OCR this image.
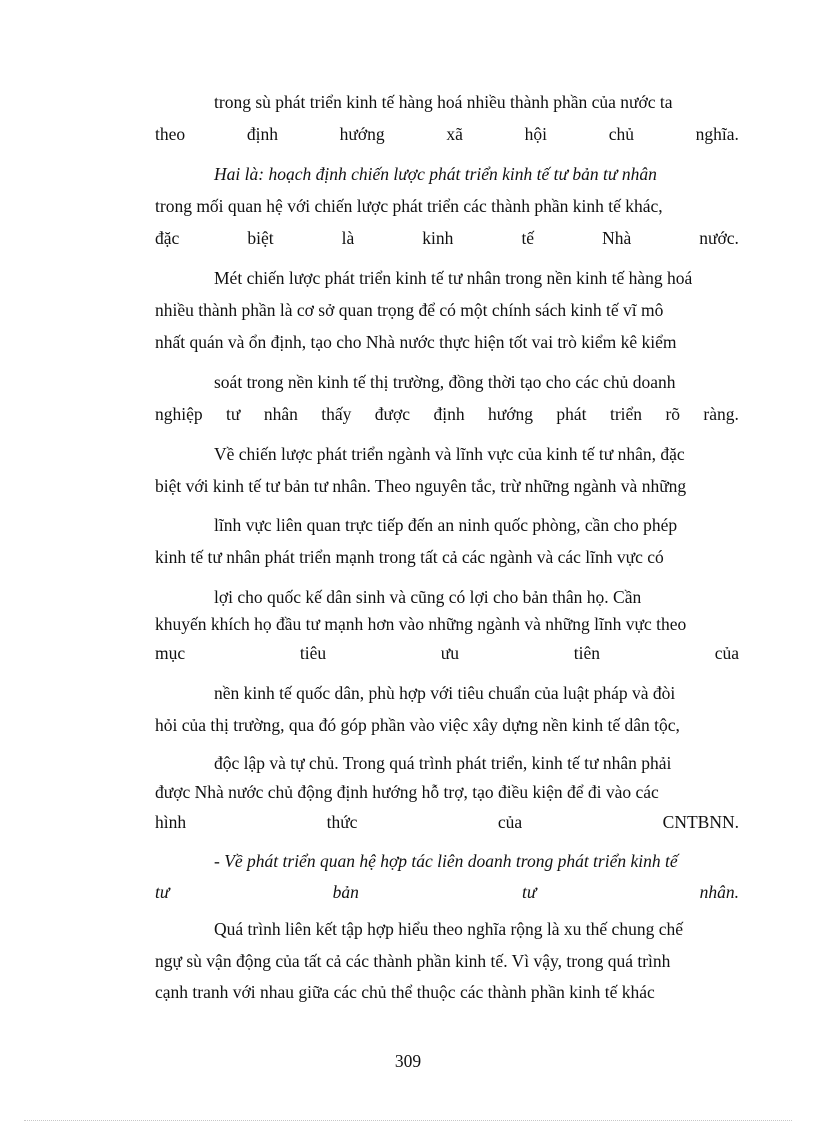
trong sù phát triển kinh tế hàng hoá nhiều thành phần của nước ta
theo	định	hướng	xã	hội	chủ	nghĩa.
Hai là: hoạch định chiến lược phát triển kinh tế tư bản tư nhân
trong mối quan hệ với chiến lược phát triển các thành phần kinh tế khác,
đặc	biệt	là	kinh	tế	Nhà	nước.
Mét chiến lược phát triển kinh tế tư nhân trong nền kinh tế hàng hoá
nhiều thành phần là cơ sở quan trọng để có một chính sách kinh tế vĩ mô
nhất quán và ổn định, tạo cho Nhà nước thực hiện tốt vai trò kiểm kê kiểm
soát trong nền kinh tế thị trường, đồng thời tạo cho các chủ doanh
nghiệp tư nhân thấy được định hướng phát triển rõ ràng.
Về chiến lược phát triển ngành và lĩnh vực của kinh tế tư nhân, đặc
biệt với kinh tế tư bản tư nhân. Theo nguyên tắc, trừ những ngành và những
lĩnh vực liên quan trực tiếp đến an ninh quốc phòng, cần cho phép
kinh tế tư nhân phát triển mạnh trong tất cả các ngành và các lĩnh vực có
lợi cho quốc kế dân sinh và cũng có lợi cho bản thân họ. Cần
khuyến khích họ đầu tư mạnh hơn vào những ngành và những lĩnh vực theo
mục	tiêu	ưu	tiên	của
nền kinh tế quốc dân, phù hợp với tiêu chuẩn của luật pháp và đòi
hỏi của thị trường, qua đó góp phần vào việc xây dựng nền kinh tế dân tộc,
độc lập và tự chủ. Trong quá trình phát triển, kinh tế tư nhân phải
được Nhà nước chủ động định hướng hỗ trợ, tạo điều kiện để đi vào các
hình	thức	của	CNTBNN.
- Về phát triển quan hệ hợp tác liên doanh trong phát triển kinh tế
tư	bản	tư	nhân.
Quá trình liên kết tập hợp hiểu theo nghĩa rộng là xu thế chung chế
ngự sù vận động của tất cả các thành phần kinh tế. Vì vậy, trong quá trình
cạnh tranh với nhau giữa các chủ thể thuộc các thành phần kinh tế khác
309
